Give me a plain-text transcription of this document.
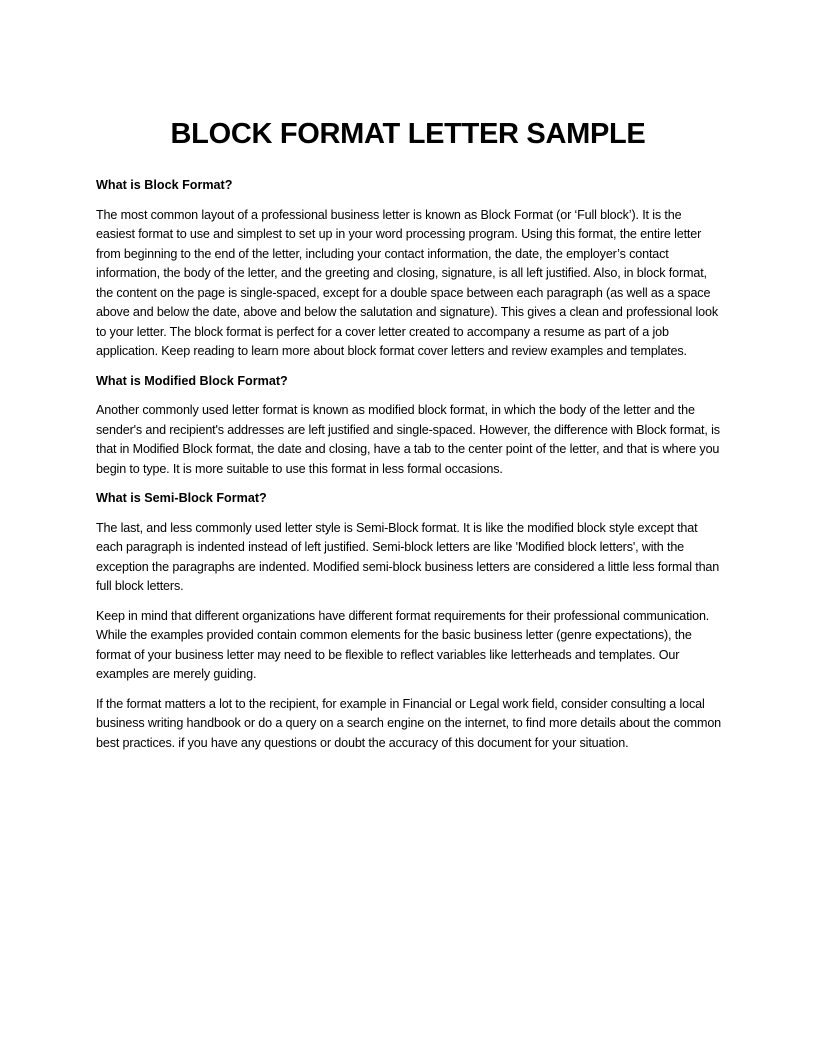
BLOCK FORMAT LETTER SAMPLE

What is Block Format?

The most common layout of a professional business letter is known as Block Format (or ‘Full block’). It is the easiest format to use and simplest to set up in your word processing program. Using this format, the entire letter from beginning to the end of the letter, including your contact information, the date, the employer’s contact information, the body of the letter, and the greeting and closing, signature, is all left justified. Also, in block format, the content on the page is single-spaced, except for a double space between each paragraph (as well as a space above and below the date, above and below the salutation and signature). This gives a clean and professional look to your letter. The block format is perfect for a cover letter created to accompany a resume as part of a job application. Keep reading to learn more about block format cover letters and review examples and templates.

What is Modified Block Format?

Another commonly used letter format is known as modified block format, in which the body of the letter and the sender's and recipient's addresses are left justified and single-spaced. However, the difference with Block format, is that in Modified Block format, the date and closing, have a tab to the center point of the letter, and that is where you begin to type. It is more suitable to use this format in less formal occasions.

What is Semi-Block Format?

The last, and less commonly used letter style is Semi-Block format. It is like the modified block style except that each paragraph is indented instead of left justified. Semi-block letters are like 'Modified block letters', with the exception the paragraphs are indented. Modified semi-block business letters are considered a little less formal than full block letters.

Keep in mind that different organizations have different format requirements for their professional communication. While the examples provided contain common elements for the basic business letter (genre expectations), the format of your business letter may need to be flexible to reflect variables like letterheads and templates. Our examples are merely guiding.

If the format matters a lot to the recipient, for example in Financial or Legal work field, consider consulting a local business writing handbook or do a query on a search engine on the internet, to find more details about the common best practices. if you have any questions or doubt the accuracy of this document for your situation.
